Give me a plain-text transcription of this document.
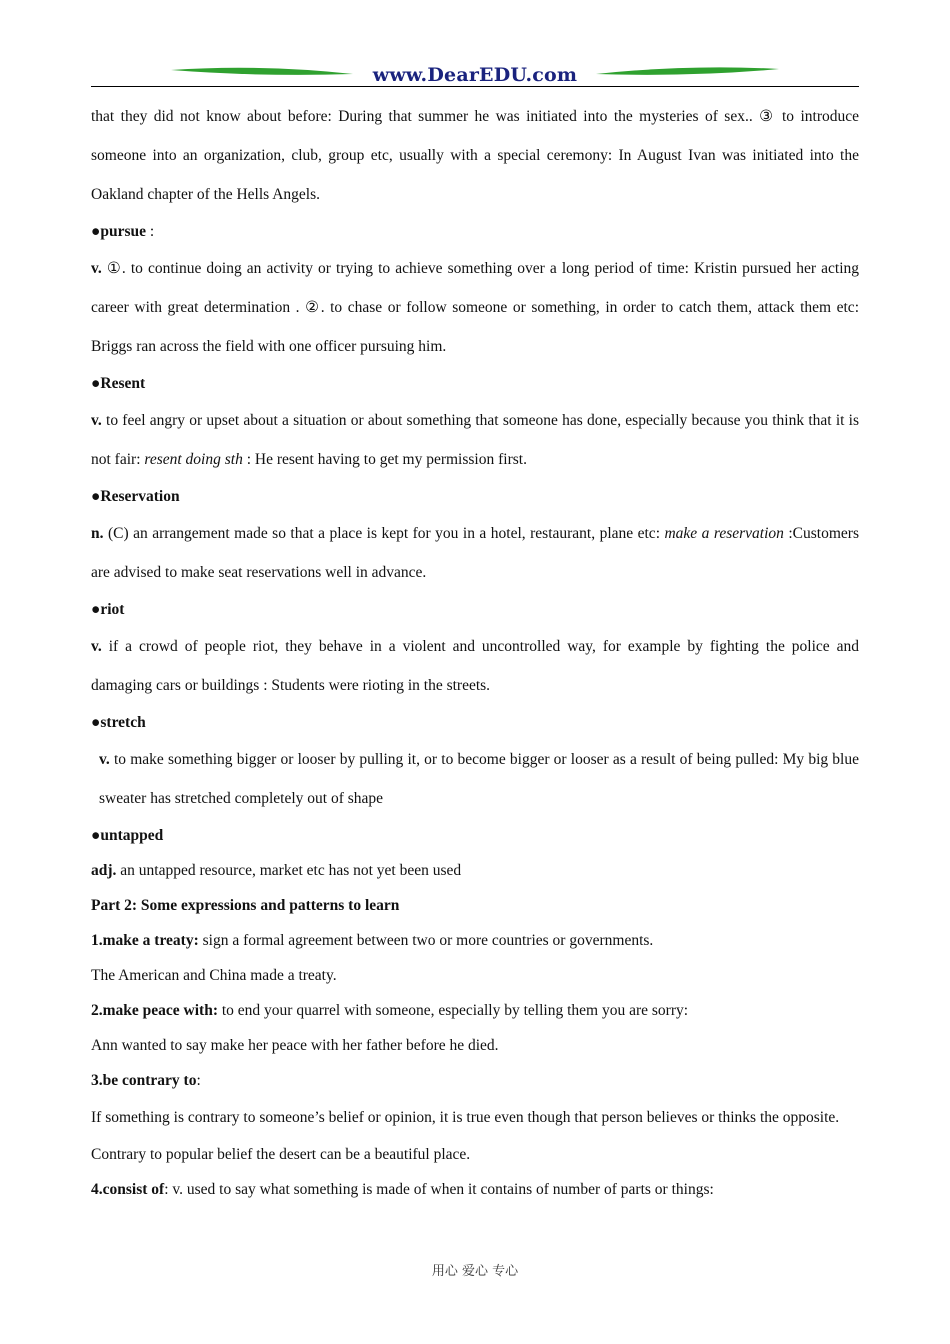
www.DearEDU.com

that they did not know about before: During that summer he was initiated into the mysteries of sex.. ③ to introduce someone into an organization, club, group etc, usually with a special ceremony: In August Ivan was initiated into the Oakland chapter of the Hells Angels.

●pursue :

v. ①. to continue doing an activity or trying to achieve something over a long period of time: Kristin pursued her acting career with great determination . ②. to chase or follow someone or something, in order to catch them, attack them etc: Briggs ran across the field with one officer pursuing him.

●Resent

v. to feel angry or upset about a situation or about something that someone has done, especially because you think that it is not fair: resent doing sth : He resent having to get my permission first.

●Reservation

n. (C) an arrangement made so that a place is kept for you in a hotel, restaurant, plane etc: make a reservation :Customers are advised to make seat reservations well in advance.

●riot

v. if a crowd of people riot, they behave in a violent and uncontrolled way, for example by fighting the police and damaging cars or buildings : Students were rioting in the streets.

●stretch

v. to make something bigger or looser by pulling it, or to become bigger or looser as a result of being pulled: My big blue sweater has stretched completely out of shape

●untapped

adj. an untapped resource, market etc has not yet been used

Part 2: Some expressions and patterns to learn

1.make a treaty: sign a formal agreement between two or more countries or governments.

The American and China made a treaty.

2.make peace with: to end your quarrel with someone, especially by telling them you are sorry:

Ann wanted to say make her peace with her father before he died.

3.be contrary to:

If something is contrary to someone’s belief or opinion, it is true even though that person believes or thinks the opposite.

Contrary to popular belief the desert can be a beautiful place.

4.consist of: v. used to say what something is made of when it contains of number of parts or things:

用心 爱心 专心
